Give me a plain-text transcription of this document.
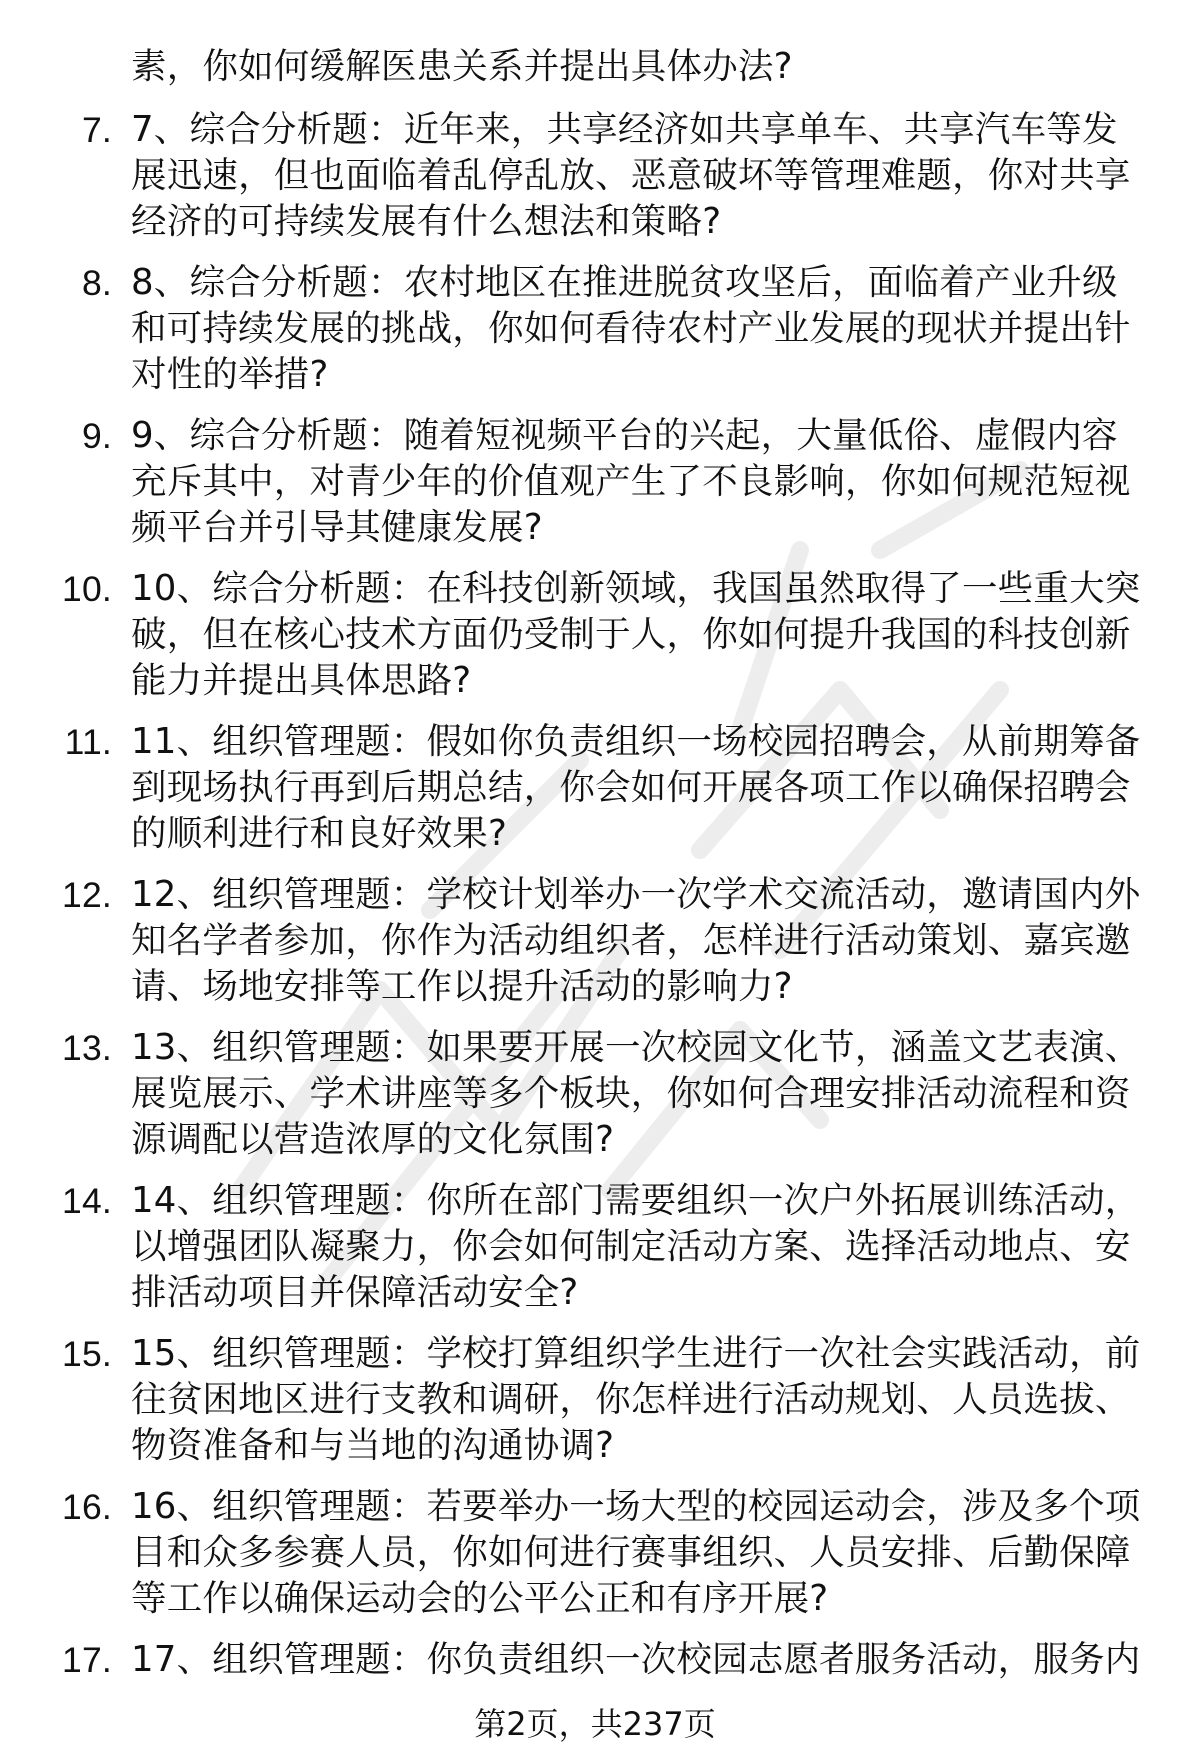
素，你如何缓解医患关系并提出具体办法?
7. 7、综合分析题：近年来，共享经济如共享单车、共享汽车等发展迅速，但也面临着乱停乱放、恶意破坏等管理难题，你对共享经济的可持续发展有什么想法和策略?
8. 8、综合分析题：农村地区在推进脱贫攻坚后，面临着产业升级和可持续发展的挑战，你如何看待农村产业发展的现状并提出针对性的举措?
9. 9、综合分析题：随着短视频平台的兴起，大量低俗、虚假内容充斥其中，对青少年的价值观产生了不良影响，你如何规范短视频平台并引导其健康发展?
10. 10、综合分析题：在科技创新领域，我国虽然取得了一些重大突破，但在核心技术方面仍受制于人，你如何提升我国的科技创新能力并提出具体思路?
11. 11、组织管理题：假如你负责组织一场校园招聘会，从前期筹备到现场执行再到后期总结，你会如何开展各项工作以确保招聘会的顺利进行和良好效果?
12. 12、组织管理题：学校计划举办一次学术交流活动，邀请国内外知名学者参加，你作为活动组织者，怎样进行活动策划、嘉宾邀请、场地安排等工作以提升活动的影响力?
13. 13、组织管理题：如果要开展一次校园文化节，涵盖文艺表演、展览展示、学术讲座等多个板块，你如何合理安排活动流程和资源调配以营造浓厚的文化氛围?
14. 14、组织管理题：你所在部门需要组织一次户外拓展训练活动，以增强团队凝聚力，你会如何制定活动方案、选择活动地点、安排活动项目并保障活动安全?
15. 15、组织管理题：学校打算组织学生进行一次社会实践活动，前往贫困地区进行支教和调研，你怎样进行活动规划、人员选拔、物资准备和与当地的沟通协调?
16. 16、组织管理题：若要举办一场大型的校园运动会，涉及多个项目和众多参赛人员，你如何进行赛事组织、人员安排、后勤保障等工作以确保运动会的公平公正和有序开展?
17. 17、组织管理题：你负责组织一次校园志愿者服务活动，服务内
第2页，共237页
